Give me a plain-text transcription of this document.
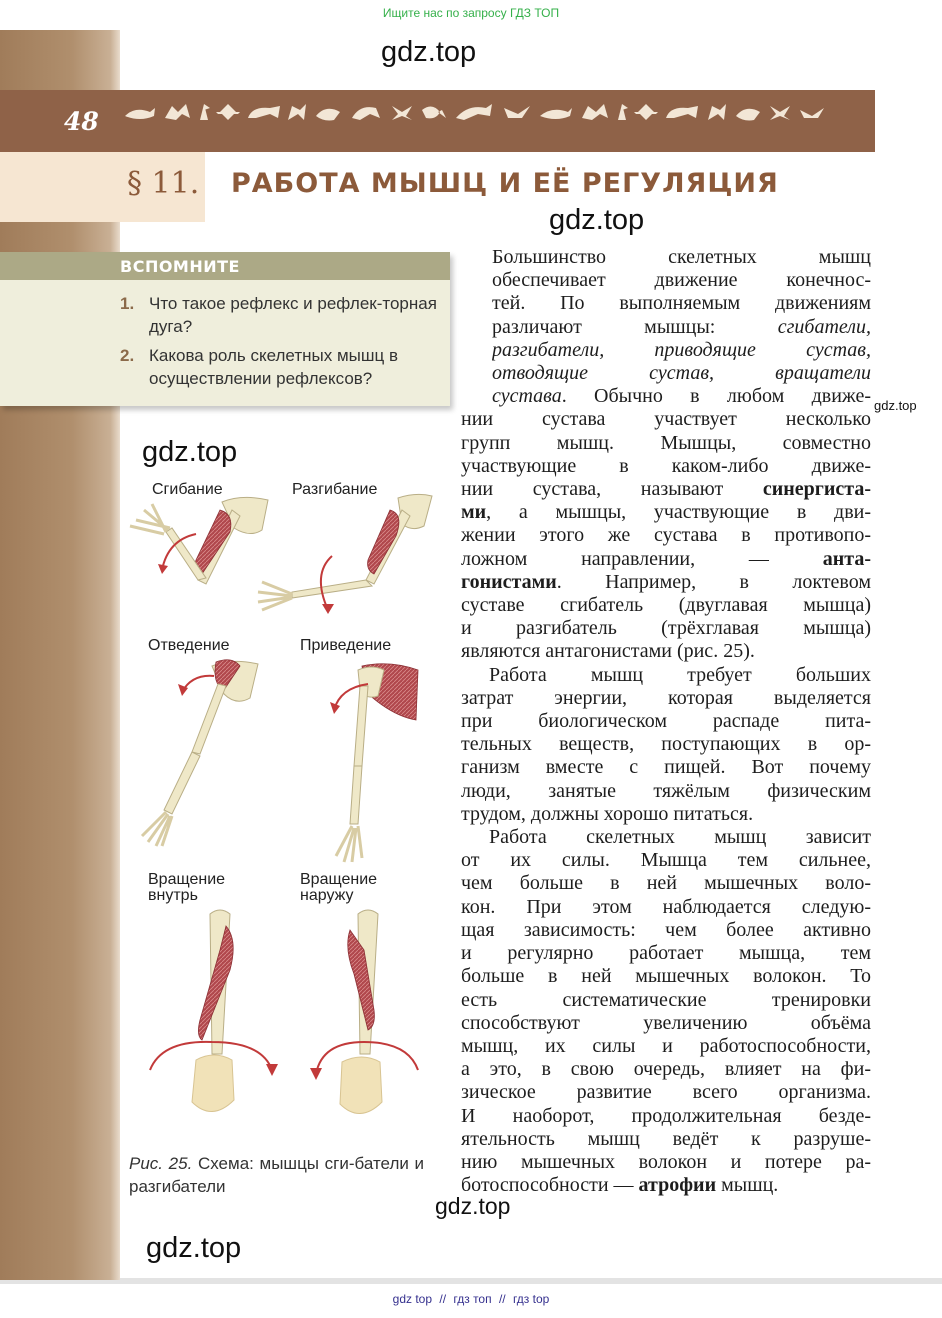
Ищите нас по запросу ГДЗ ТОП
48
gdz.top
§ 11. РАБОТА МЫШЦ И ЕЁ РЕГУЛЯЦИЯ
gdz.top
ВСПОМНИТЕ
1. Что такое рефлекс и рефлек-торная дуга?
2. Какова роль скелетных мышц в осуществлении рефлексов?
gdz.top
gdz.top
Сгибание	Разгибание
Отведение	Приведение
Вращение
внутрь
Вращение
наружу
Рис. 25. Схема: мышцы сги-батели и разгибатели
Большинство скелетных мышц
обеспечивает движение конечнос-
тей. По выполняемым движениям
различают мышцы: сгибатели,
разгибатели, приводящие сустав,
отводящие сустав, вращатели
сустава. Обычно в любом движе-
нии сустава участвует несколько
групп мышц. Мышцы, совместно
участвующие в каком-либо движе-
нии сустава, называют синергиста-
ми, а мышцы, участвующие в дви-
жении этого же сустава в противопо-
ложном направлении, — анта-
гонистами. Например, в локтевом
суставе сгибатель (двуглавая мышца)
и разгибатель (трёхглавая мышца)
являются антагонистами (рис. 25).
Работа мышц требует больших
затрат энергии, которая выделяется
при биологическом распаде пита-
тельных веществ, поступающих в ор-
ганизм вместе с пищей. Вот почему
люди, занятые тяжёлым физическим
трудом, должны хорошо питаться.
Работа скелетных мышц зависит
от их силы. Мышца тем сильнее,
чем больше в ней мышечных воло-
кон. При этом наблюдается следую-
щая зависимость: чем более активно
и регулярно работает мышца, тем
больше в ней мышечных волокон. То
есть систематические тренировки
способствуют увеличению объёма
мышц, их силы и работоспособности,
а это, в свою очередь, влияет на фи-
зическое развитие всего организма.
И наоборот, продолжительная безде-
ятельность мышц ведёт к разруше-
нию мышечных волокон и потере ра-
ботоспособности — атрофии мышц.
gdz.top
gdz.top
gdz top // гдз топ // гдз top
